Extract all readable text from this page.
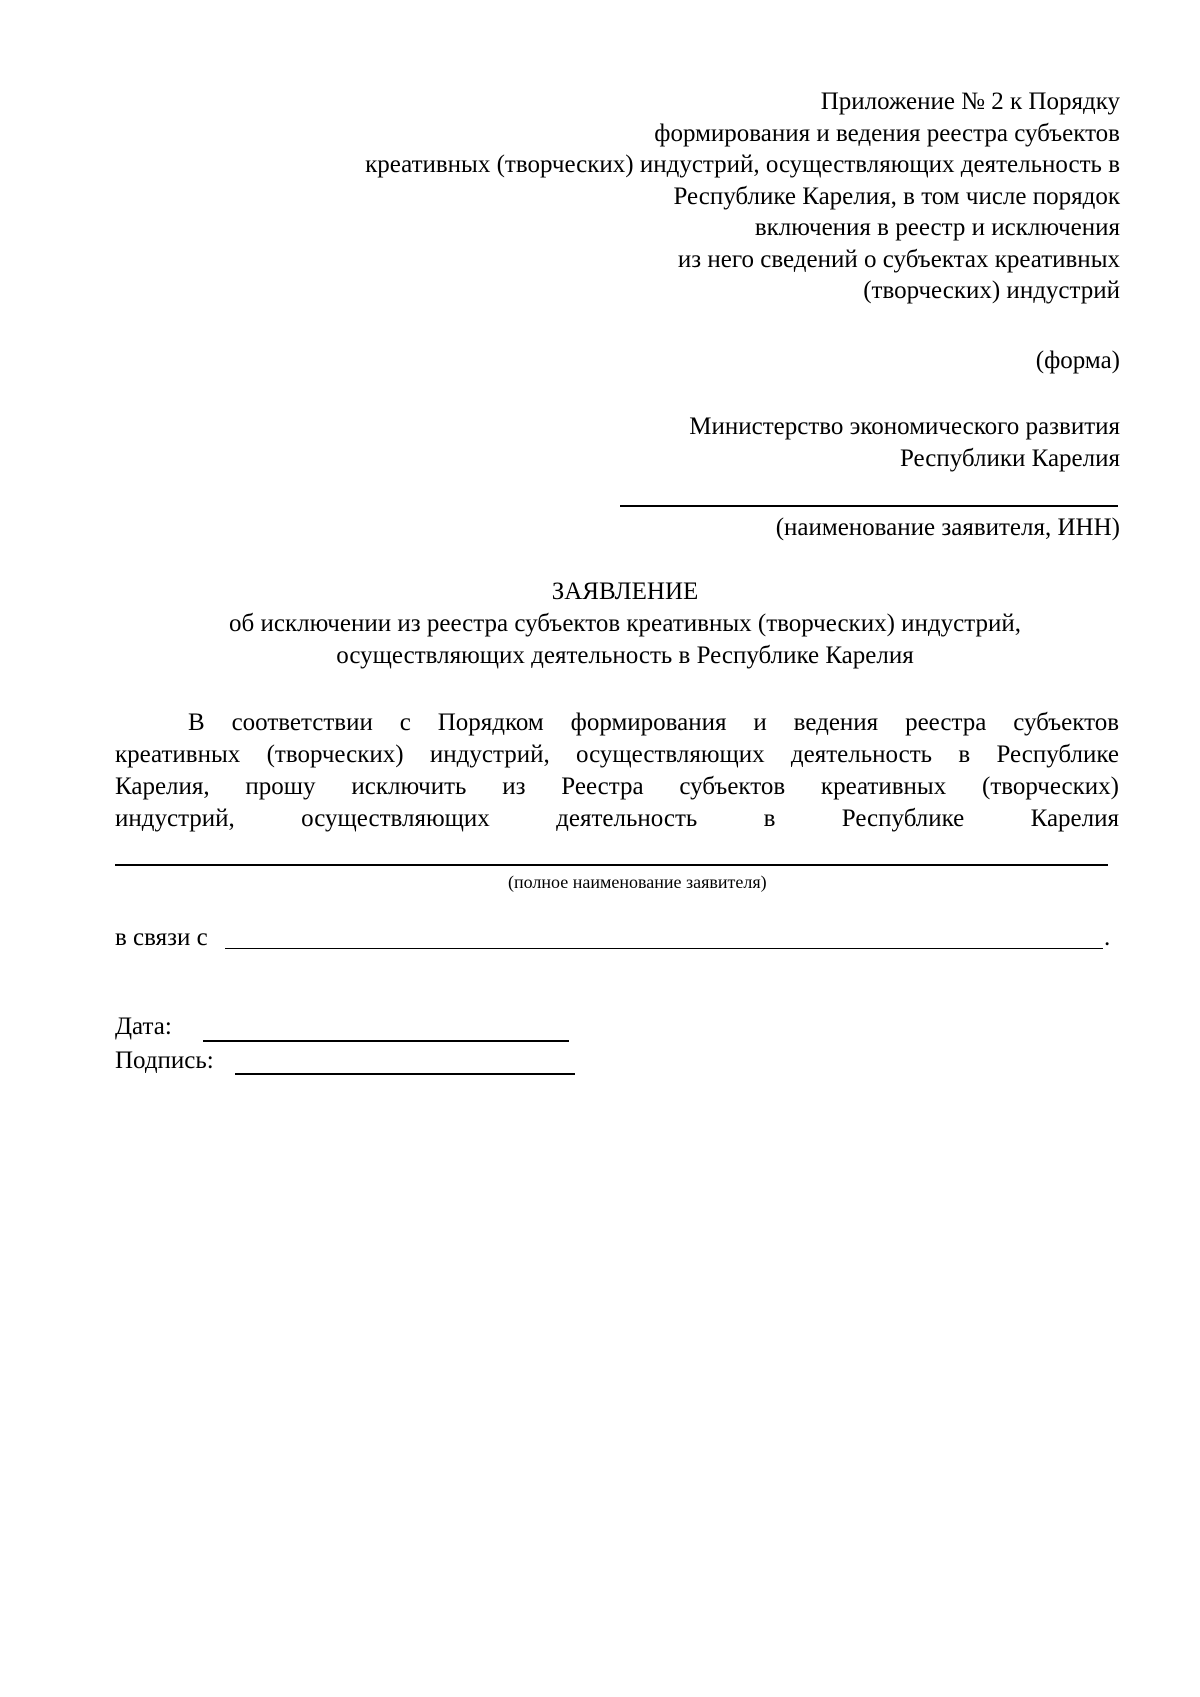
Приложение № 2 к Порядку
формирования и ведения реестра субъектов
креативных (творческих) индустрий, осуществляющих деятельность в
Республике Карелия, в том числе порядок
включения в реестр и исключения
из него сведений о субъектах креативных
(творческих) индустрий
(форма)
Министерство экономического развития
Республики Карелия
(наименование заявителя, ИНН)
ЗАЯВЛЕНИЕ
об исключении из реестра субъектов креативных (творческих) индустрий,
осуществляющих деятельность в Республике Карелия
В соответствии с Порядком формирования и ведения реестра субъектов
креативных (творческих) индустрий, осуществляющих деятельность в Республике
Карелия, прошу исключить из Реестра субъектов креативных (творческих)
индустрий, осуществляющих деятельность в Республике Карелия
(полное наименование заявителя)
в связи с	.
Дата:
Подпись:
